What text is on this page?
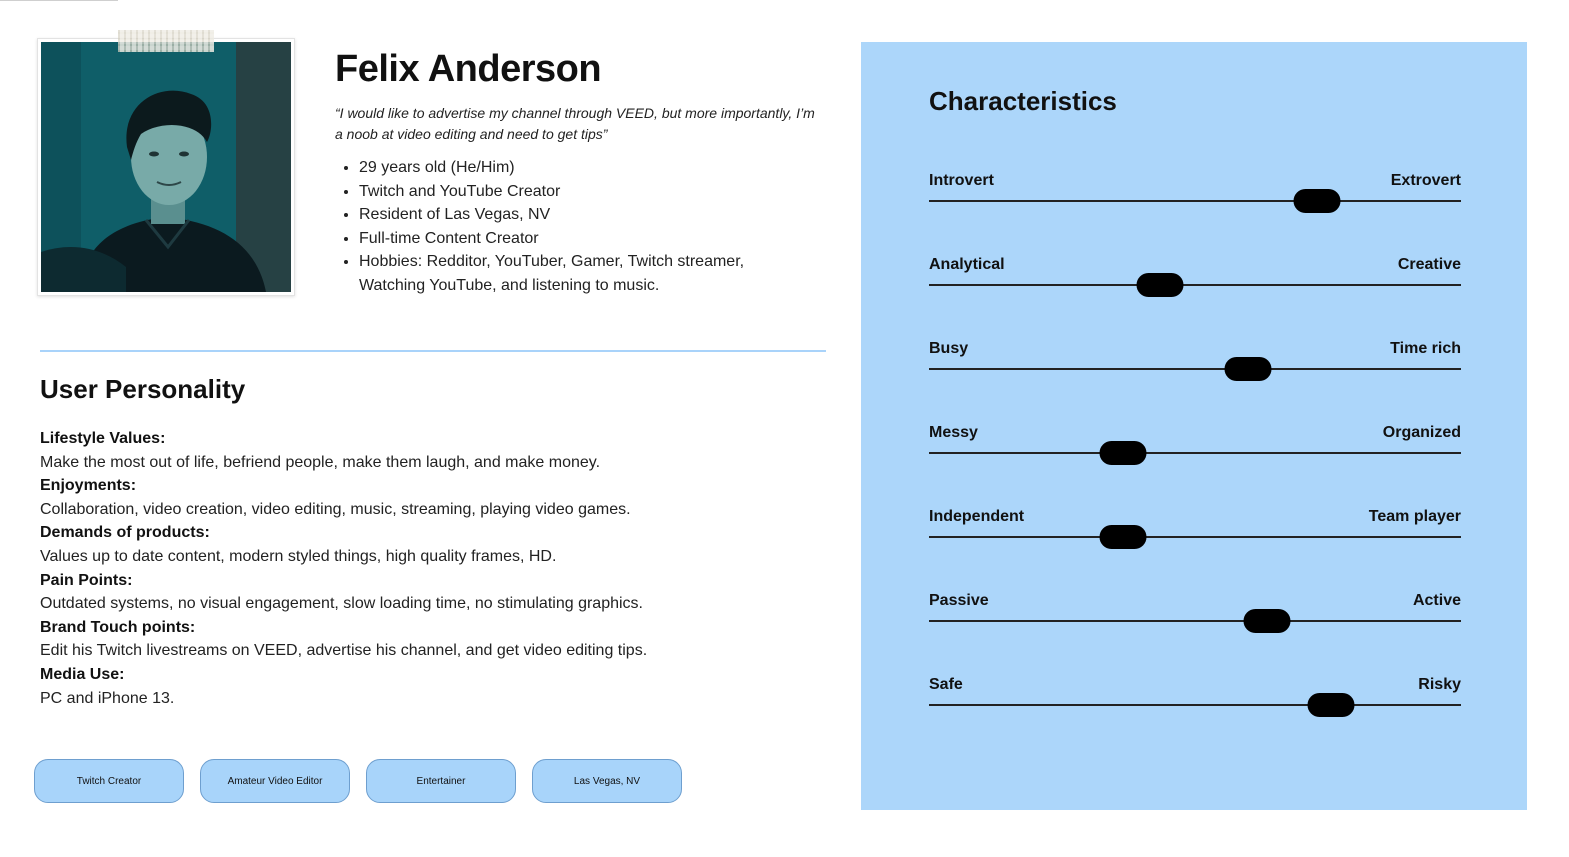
Felix Anderson

“I would like to advertise my channel through VEED, but more importantly, I’m a noob at video editing and need to get tips”

• 29 years old (He/Him)
• Twitch and YouTube Creator
• Resident of Las Vegas, NV
• Full-time Content Creator
• Hobbies: Redditor, YouTuber, Gamer, Twitch streamer, Watching YouTube, and listening to music.
User Personality
Lifestyle Values:
Make the most out of life, befriend people, make them laugh, and make money.
Enjoyments:
Collaboration, video creation, video editing, music, streaming, playing video games.
Demands of products:
Values up to date content, modern styled things, high quality frames, HD.
Pain Points:
Outdated systems, no visual engagement, slow loading time, no stimulating graphics.
Brand Touch points:
Edit his Twitch livestreams on VEED, advertise his channel, and get video editing tips.
Media Use:
PC and iPhone 13.
Twitch Creator	Amateur Video Editor	Entertainer	Las Vegas, NV
Characteristics
Introvert	Extrovert
Analytical	Creative
Busy	Time rich
Messy	Organized
Independent	Team player
Passive	Active
Safe	Risky
